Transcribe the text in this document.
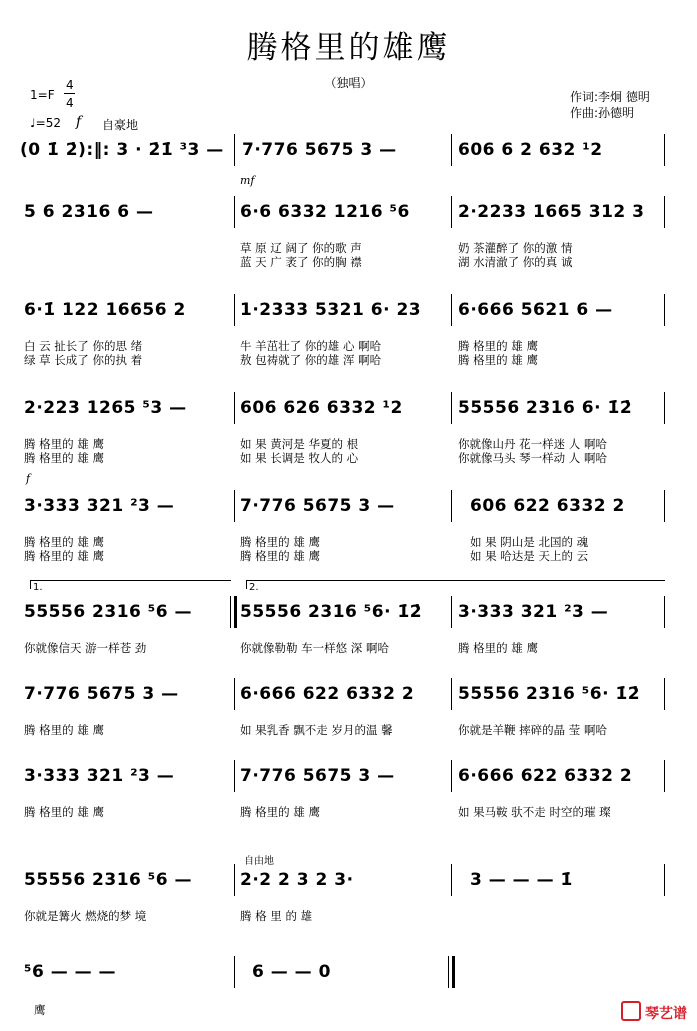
腾格里的雄鹰
（独唱）
1=F
4
4
♩=52 f 自豪地
作词:李炯 德明
作曲:孙德明
(0 1̇ 2̇):‖: 3 · 2̇1̇ ³3 — 7·776 5675 3 —	606 6 2 632 ¹2
mf
5 6 2316 6 —	6·6 6332 1216 ⁵6	2·2233 1665 312 3
草 原 辽 阔了 你的歌 声	奶 茶灌醉了 你的激 情
蓝 天 广 袤了 你的胸 襟	湖 水清澈了 你的真 诚
6·1̇ 122 16656 2	1·2333 5321 6· 23 6·666 5621 6 —
白 云 扯长了 你的思 绪	牛 羊茁壮了 你的雄 心 啊哈	腾 格里的 雄 鹰
绿 草 长成了 你的执 着	敖 包祷就了 你的雄 浑 啊哈	腾 格里的 雄 鹰
2·223 1265 ⁵3 —	606 626 6332 ¹2	55556 2316 6· 1̇2̇
腾 格里的 雄 鹰	如 果 黄河是 华夏的 根	你就像山丹 花一样迷 人 啊哈
腾 格里的 雄 鹰	如 果 长调是 牧人的 心	你就像马头 琴一样动 人 啊哈
f
3·333 321 ²3 —	7·776 5675 3 —	606 622 6332 2
腾 格里的 雄 鹰	腾 格里的 雄 鹰	如 果 阴山是 北国的 魂
腾 格里的 雄 鹰	腾 格里的 雄 鹰	如 果 哈达是 天上的 云
1.	2.
55556 2316 ⁵6 —	55556 2316 ⁵6· 1̇2̇ 3·333 321 ²3 —
你就像信天 游一样苍 劲	你就像勒勒 车一样悠 深 啊哈	腾 格里的 雄 鹰
7·776 5675 3 —	6·666 622 6332 2	55556 2316 ⁵6· 1̇2̇
腾 格里的 雄 鹰	如 果乳香 飘不走 岁月的温 馨	你就是羊鞭 摔碎的晶 莹 啊哈
3·333 321 ²3 —	7·776 5675 3 —	6·666 622 6332 2
腾 格里的 雄 鹰	腾 格里的 雄 鹰	如 果马鞍 驮不走 时空的璀 璨
自由地
55556 2316 ⁵6 —	2·2 2 3 2 3·	3 — — — 1̇
你就是篝火 燃烧的梦 境	腾 格 里 的 雄
⁵6 — — —	6 — — 0
鹰	琴艺谱
